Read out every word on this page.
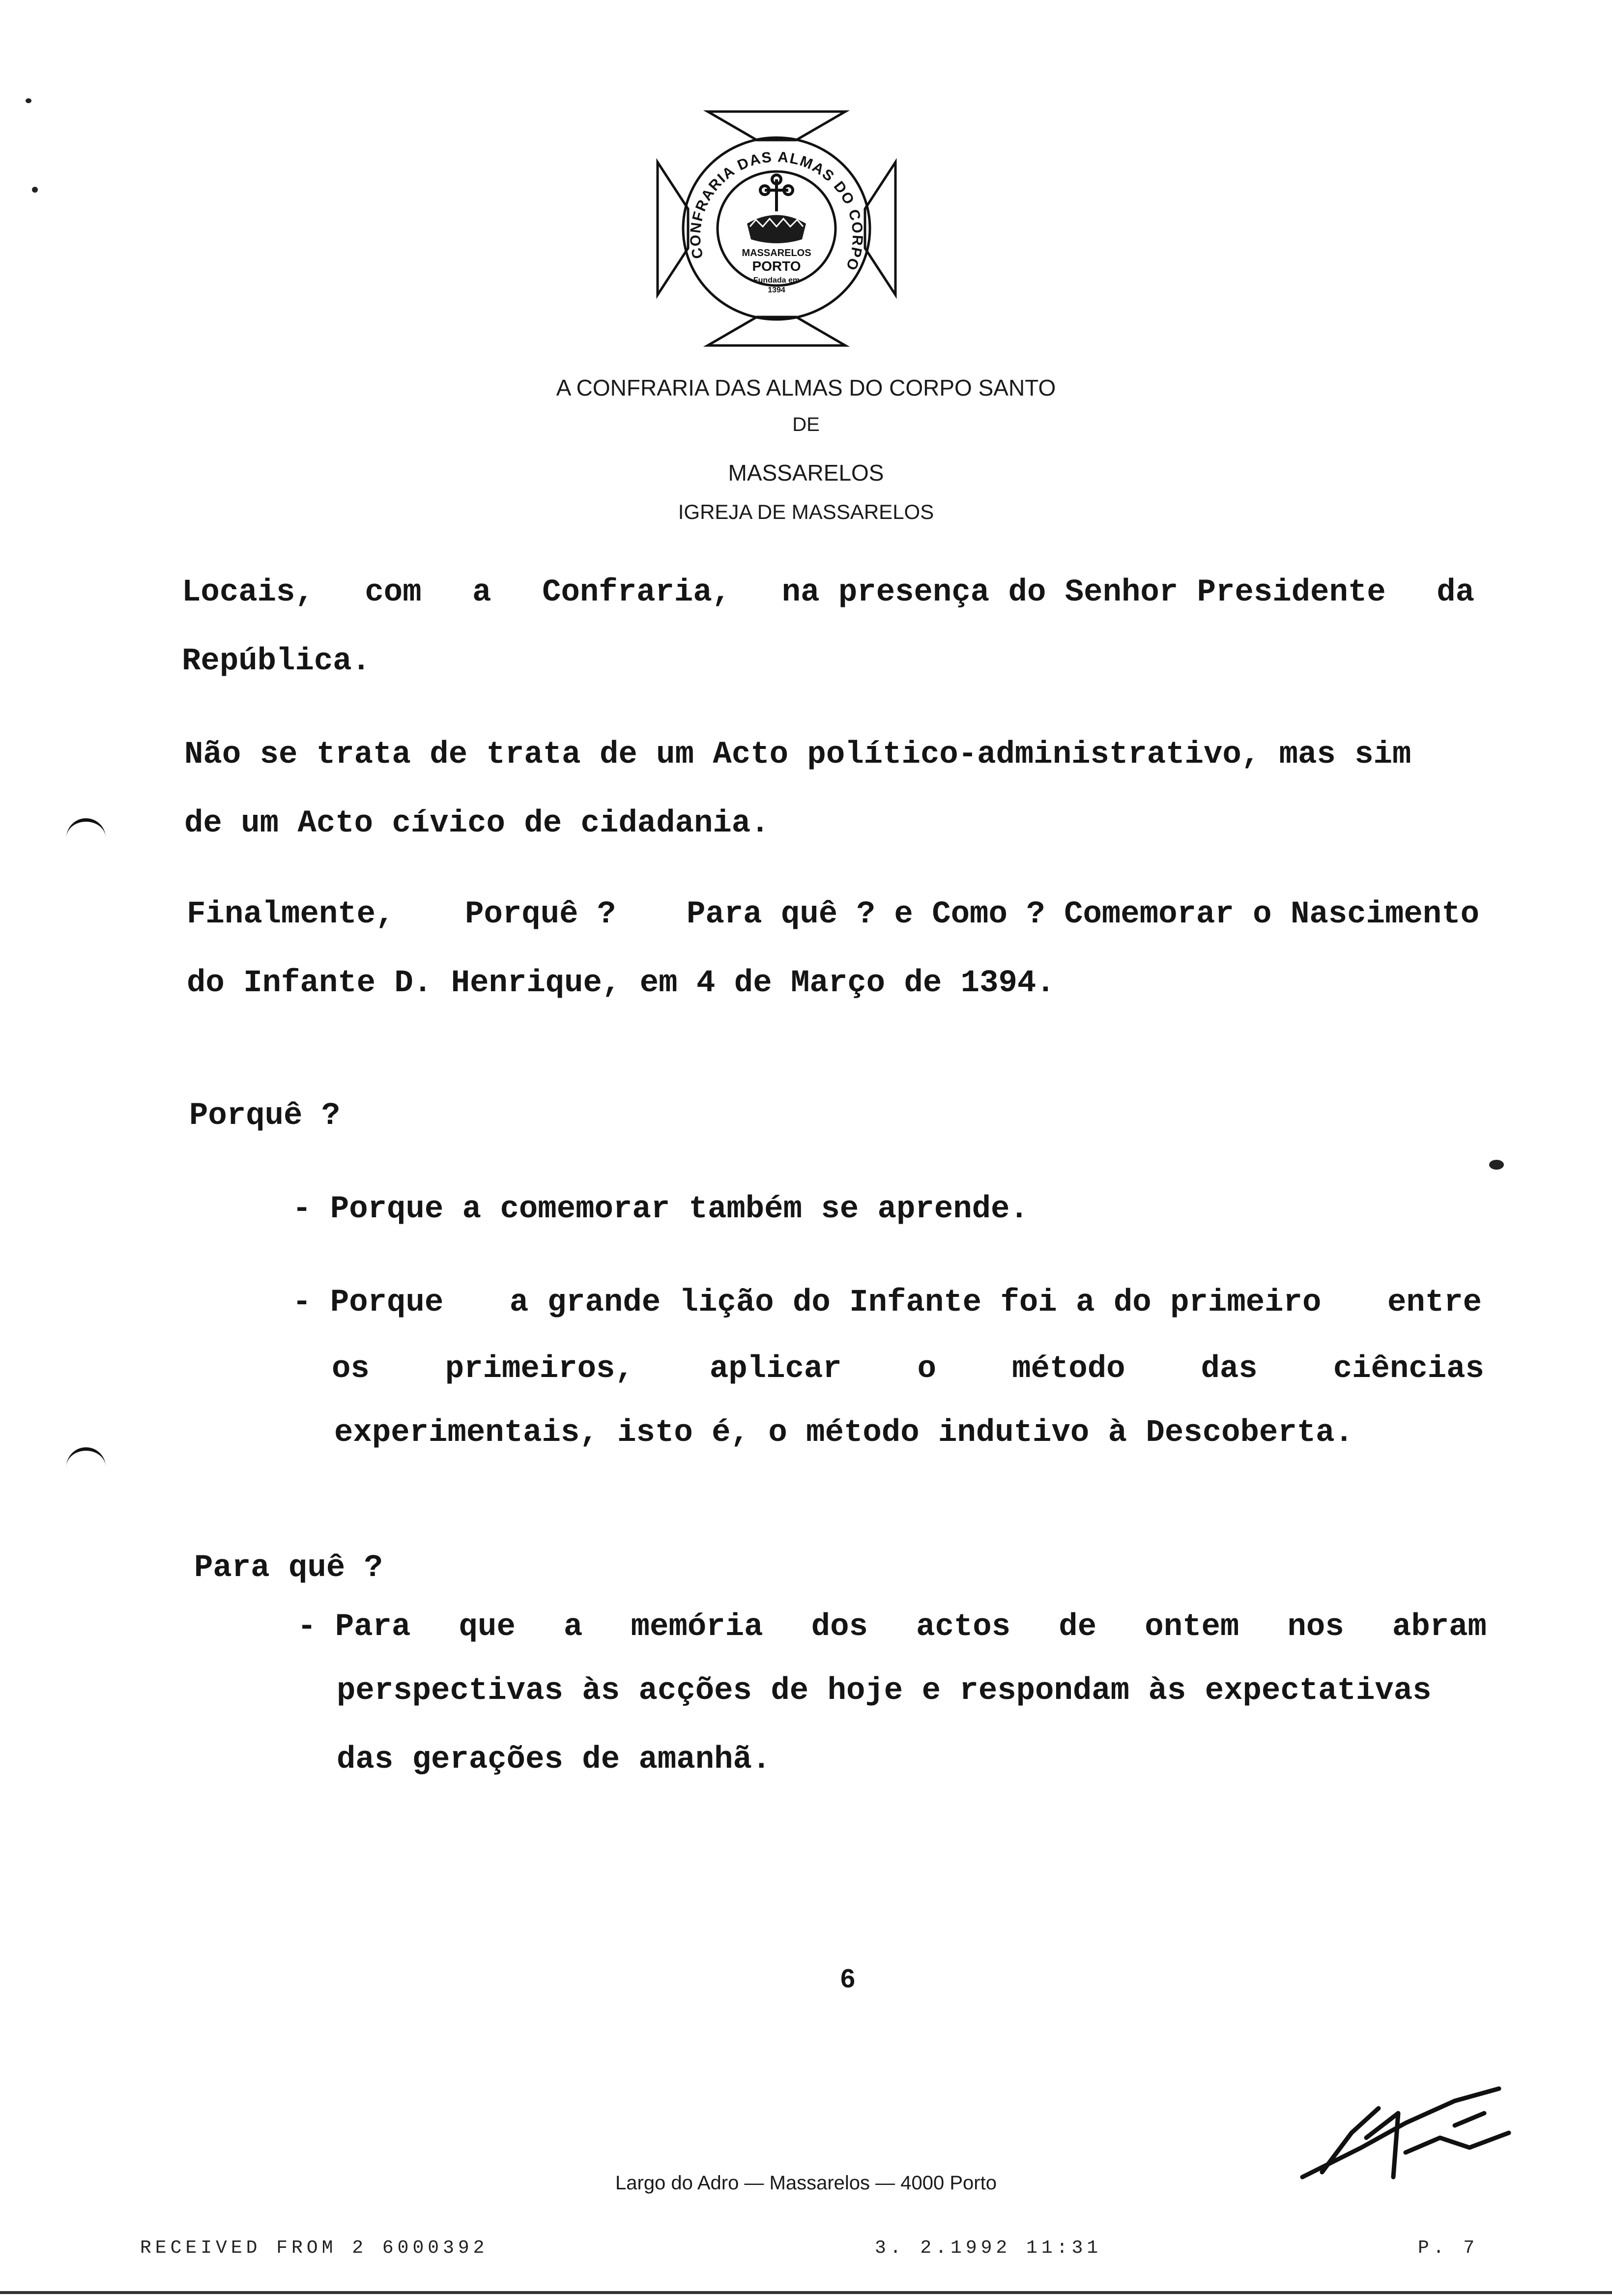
CONFRARIA DAS ALMAS DO CORPO
MASSARELOS
PORTO
Fundada em
1394
A CONFRARIA DAS ALMAS DO CORPO SANTO
DE
MASSARELOS
IGREJA DE MASSARELOS
Locais, com a Confraria, na presença do Senhor Presidente da
República.
Não se trata de trata de um Acto político-administrativo, mas sim
de um Acto cívico de cidadania.
Finalmente, Porquê ? Para quê ? e Como ? Comemorar o Nascimento
do Infante D. Henrique, em 4 de Março de 1394.
Porquê ?
- Porque a comemorar também se aprende.
- Porque a grande lição do Infante foi a do primeiro entre
os primeiros, aplicar o método das ciências
experimentais, isto é, o método indutivo à Descoberta.
Para quê ?
- Para que a memória dos actos de ontem nos abram
perspectivas às acções de hoje e respondam às expectativas
das gerações de amanhã.
6
Largo do Adro — Massarelos — 4000 Porto
RECEIVED FROM 2 6000392	3. 2.1992 11:31	P. 7
